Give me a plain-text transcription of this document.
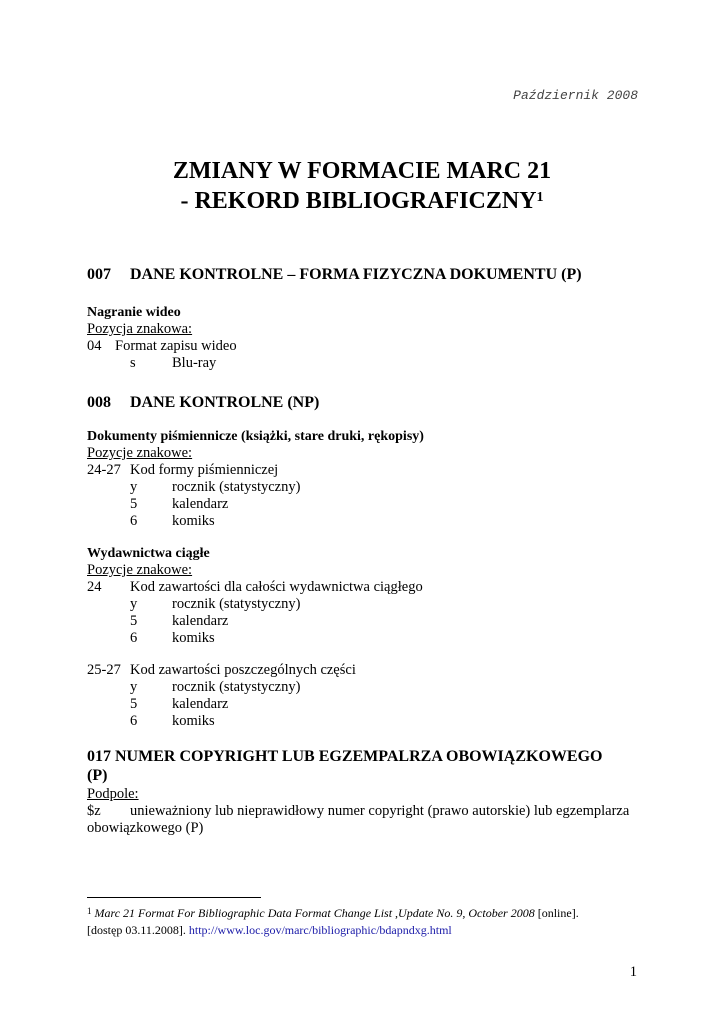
Październik 2008
ZMIANY W FORMACIE MARC 21
- REKORD BIBLIOGRAFICZNY$^1$
007 DANE KONTROLNE – FORMA FIZYCZNA DOKUMENTU (P)
Nagranie wideo
Pozycja znakowa:
04 Format zapisu wideo
s	Blu-ray
008 DANE KONTROLNE (NP)
Dokumenty piśmiennicze (książki, stare druki, rękopisy)
Pozycje znakowe:
24-27 Kod formy piśmienniczej
y rocznik (statystyczny)
5 kalendarz
6 komiks
Wydawnictwa ciągłe
Pozycje znakowe:
24 Kod zawartości dla całości wydawnictwa ciągłego
y rocznik (statystyczny)
5 kalendarz
6 komiks
25-27 Kod zawartości poszczególnych części
y rocznik (statystyczny)
5 kalendarz
6 komiks
017 NUMER COPYRIGHT LUB EGZEMPALRZA OBOWIĄZKOWEGO
(P)
Podpole:
$z unieważniony lub nieprawidłowy numer copyright (prawo autorskie) lub egzemplarza
obowiązkowego (P)
$^1$ Marc 21 Format For Bibliographic Data Format Change List ,Update No. 9, October 2008 [online].
[dostęp 03.11.2008]. http://www.loc.gov/marc/bibliographic/bdapndxg.html
1
